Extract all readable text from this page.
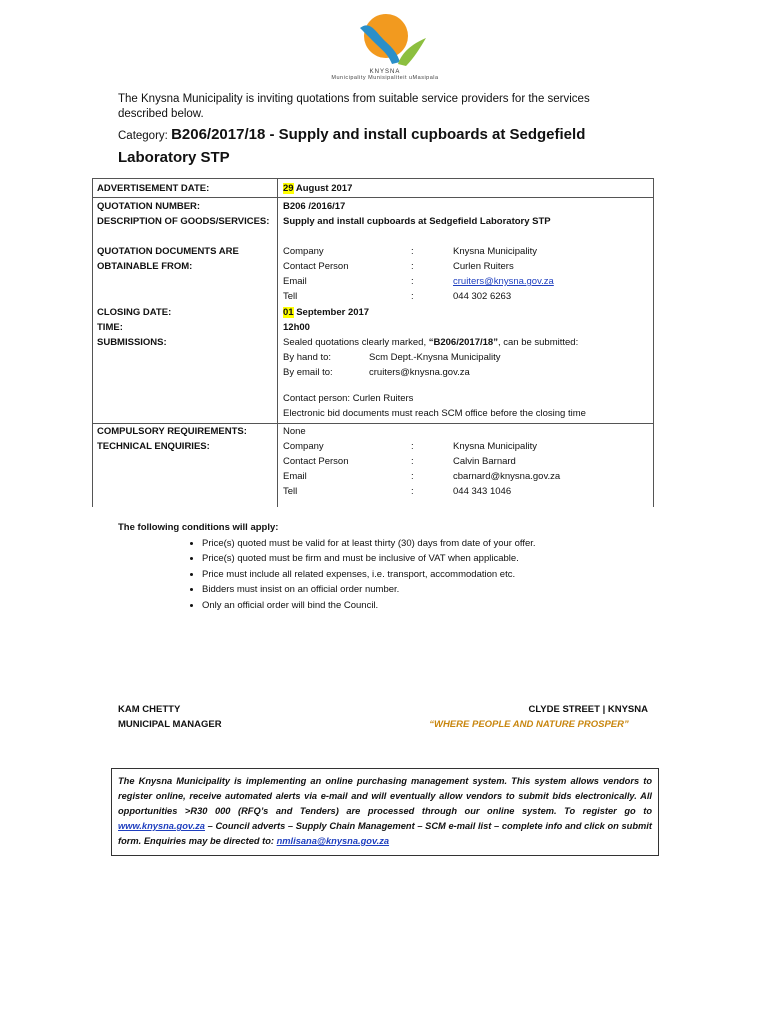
KNYSNA
Municipality Munisipaliteit uMasipala
The Knysna Municipality is inviting quotations from suitable service providers for the services described below.
Category: B206/2017/18 - Supply and install cupboards at Sedgefield Laboratory STP
ADVERTISEMENT DATE:	29 August 2017
QUOTATION NUMBER:	B206 /2016/17
DESCRIPTION OF GOODS/SERVICES:	Supply and install cupboards at Sedgefield Laboratory STP
QUOTATION DOCUMENTS ARE OBTAINABLE FROM:
Company	:	Knysna Municipality
Contact Person	:	Curlen Ruiters
Email	:	cruiters@knysna.gov.za
Tell	:	044 302 6263
CLOSING DATE:	01 September 2017
TIME:	12h00
SUBMISSIONS:	Sealed quotations clearly marked, “B206/2017/18”, can be submitted:
By hand to:	Scm Dept.-Knysna Municipality
By email to:	cruiters@knysna.gov.za
Contact person: Curlen Ruiters
Electronic bid documents must reach SCM office before the closing time
COMPULSORY REQUIREMENTS:	None
TECHNICAL ENQUIRIES:	Company	:	Knysna Municipality
Contact Person	:	Calvin Barnard
Email	:	cbarnard@knysna.gov.za
Tell	:	044 343 1046
The following conditions will apply:
• Price(s) quoted must be valid for at least thirty (30) days from date of your offer.
• Price(s) quoted must be firm and must be inclusive of VAT when applicable.
• Price must include all related expenses, i.e. transport, accommodation etc.
• Bidders must insist on an official order number.
• Only an official order will bind the Council.
KAM CHETTY
MUNICIPAL MANAGER
CLYDE STREET | KNYSNA
“WHERE PEOPLE AND NATURE PROSPER”
The Knysna Municipality is implementing an online purchasing management system. This system allows vendors to register online, receive automated alerts via e-mail and will eventually allow vendors to submit bids electronically. All opportunities >R30 000 (RFQ’s and Tenders) are processed through our online system. To register go to www.knysna.gov.za – Council adverts – Supply Chain Management – SCM e-mail list – complete info and click on submit form. Enquiries may be directed to: nmlisana@knysna.gov.za
